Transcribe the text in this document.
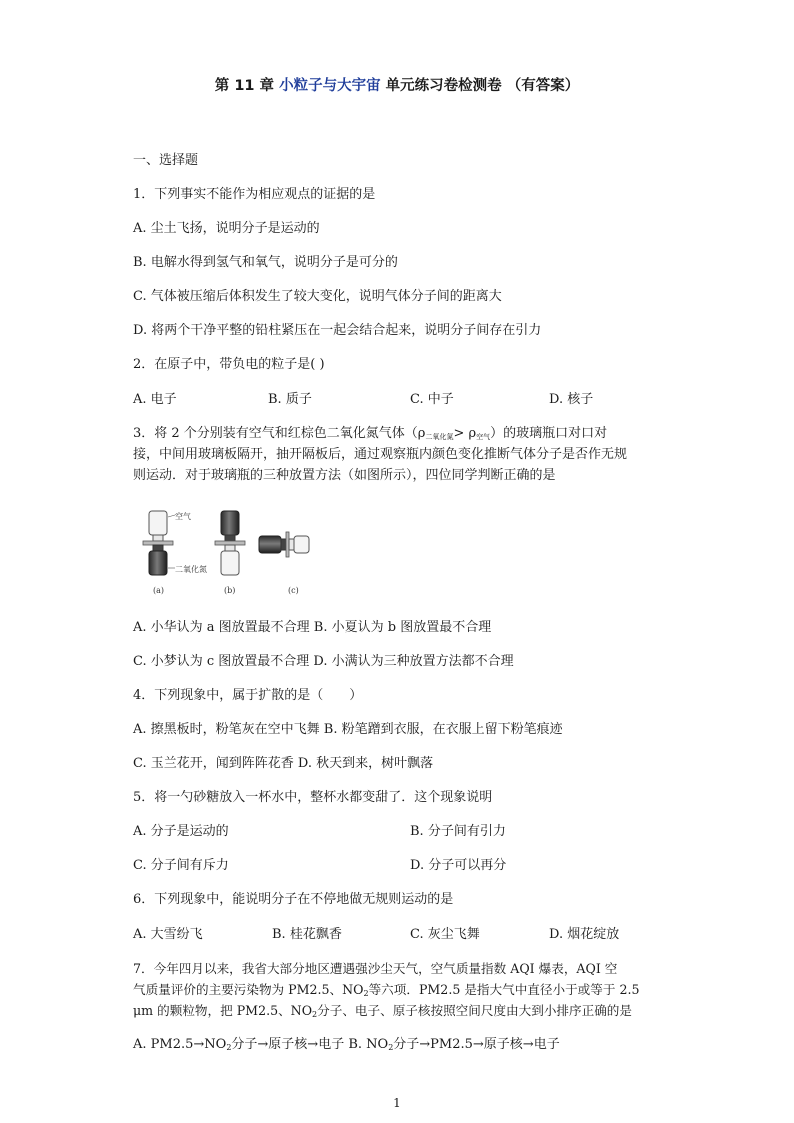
第 11 章 小粒子与大宇宙 单元练习卷检测卷 （有答案）
一、选择题
1．下列事实不能作为相应观点的证据的是
A. 尘土飞扬，说明分子是运动的
B. 电解水得到氢气和氧气，说明分子是可分的
C. 气体被压缩后体积发生了较大变化，说明气体分子间的距离大
D. 将两个干净平整的铅柱紧压在一起会结合起来，说明分子间存在引力
2．在原子中，带负电的粒子是( )
A. 电子	B. 质子	C. 中子	D. 核子
3．将 2 个分别装有空气和红棕色二氧化氮气体$(\rho_{二氧化氮}> \rho_{空气})$的玻璃瓶口对口对
接，中间用玻璃板隔开，抽开隔板后，通过观察瓶内颜色变化推断气体分子是否作无规
则运动．对于玻璃瓶的三种放置方法（如图所示），四位同学判断正确的是
空气
二氧化氮
(a)	(b)	(c)
A. 小华认为 a 图放置最不合理 B. 小夏认为 b 图放置最不合理
C. 小梦认为 c 图放置最不合理 D. 小满认为三种放置方法都不合理
4．下列现象中，属于扩散的是（　　）
A. 擦黑板时，粉笔灰在空中飞舞 B. 粉笔蹭到衣服，在衣服上留下粉笔痕迹
C. 玉兰花开，闻到阵阵花香 D. 秋天到来，树叶飘落
5．将一勺砂糖放入一杯水中，整杯水都变甜了．这个现象说明
A. 分子是运动的	B. 分子间有引力
C. 分子间有斥力	D. 分子可以再分
6．下列现象中，能说明分子在不停地做无规则运动的是
A. 大雪纷飞	B. 桂花飘香	C. 灰尘飞舞	D. 烟花绽放
7．今年四月以来，我省大部分地区遭遇强沙尘天气，空气质量指数 AQI 爆表，AQI 空
气质量评价的主要污染物为 PM2.5、$NO_2$等六项．PM2.5 是指大气中直径小于或等于 2.5
μm 的颗粒物，把 PM2.5、$NO_2$分子、电子、原子核按照空间尺度由大到小排序正确的是
A. $PM2.5\to NO_2$分子→原子核→电子 B. $NO_2$分子→PM2.5→原子核→电子
1
